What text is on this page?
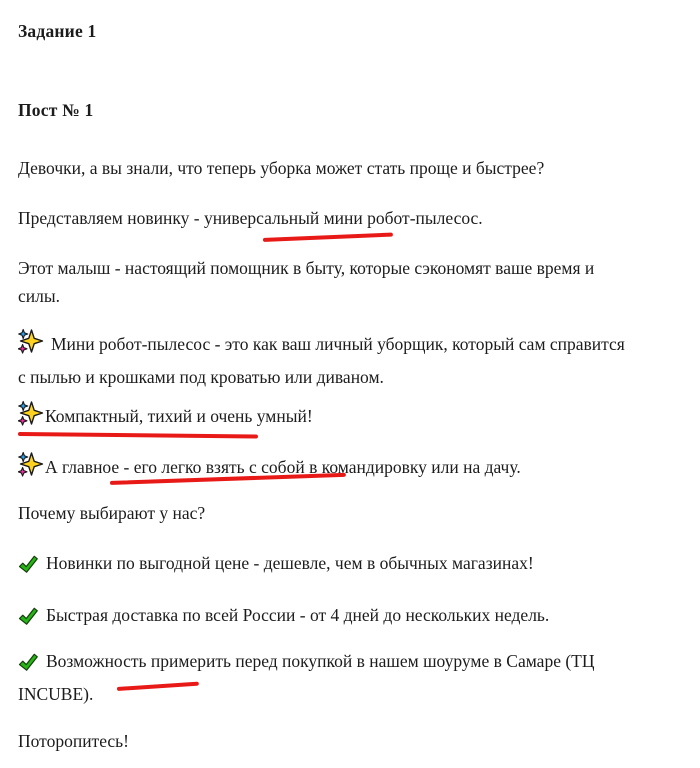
Задание 1
Пост № 1
Девочки, а вы знали, что теперь уборка может стать проще и быстрее?
Представляем новинку - универсальный мини робот-пылесос.
Этот малыш - настоящий помощник в быту, которые сэкономят ваше время и
силы.
Мини робот-пылесос - это как ваш личный уборщик, который сам справится
с пылью и крошками под кроватью или диваном.
Компактный, тихий и очень умный!
А главное - его легко взять с собой в командировку или на дачу.
Почему выбирают у нас?
Новинки по выгодной цене - дешевле, чем в обычных магазинах!
Быстрая доставка по всей России - от 4 дней до нескольких недель.
Возможность примерить перед покупкой в нашем шоуруме в Самаре (ТЦ
INCUBE).
Поторопитесь!
